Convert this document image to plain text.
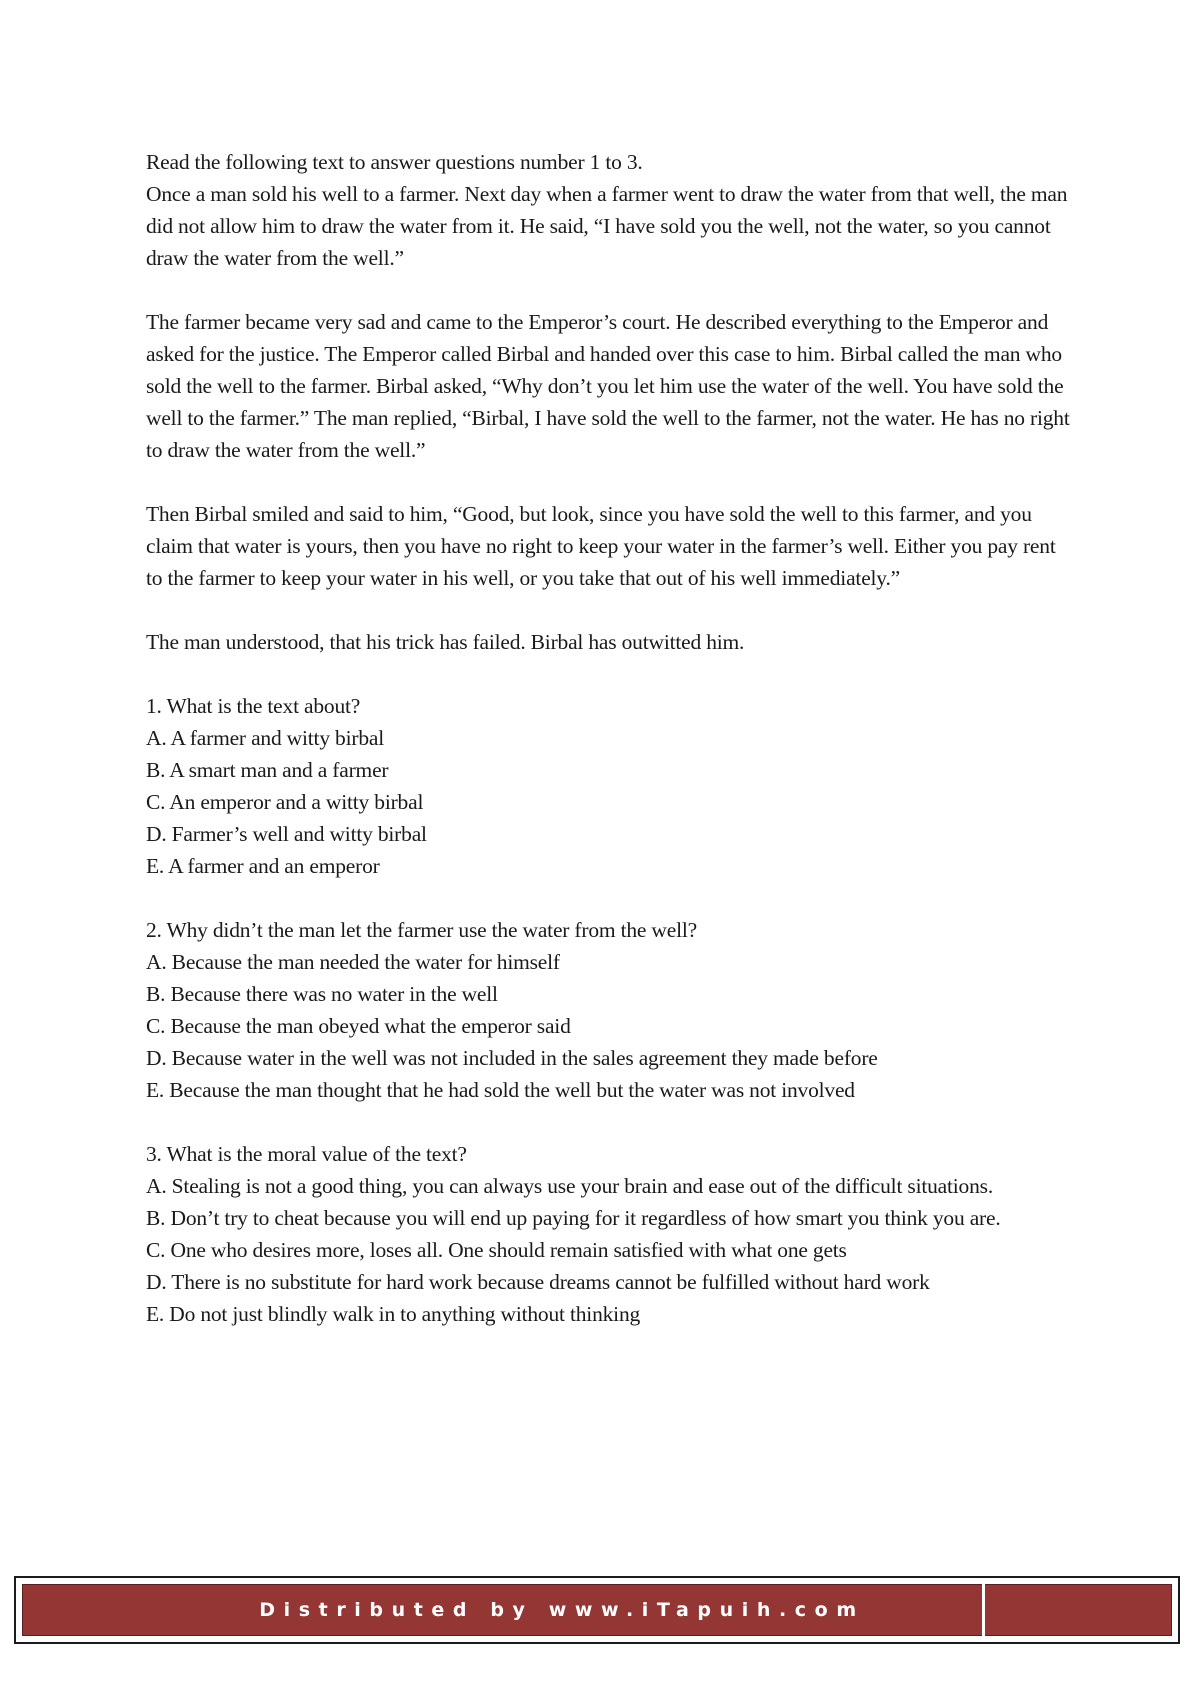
Read the following text to answer questions number 1 to 3.

Once a man sold his well to a farmer. Next day when a farmer went to draw the water from that well, the man did not allow him to draw the water from it. He said, “I have sold you the well, not the water, so you cannot draw the water from the well.”

The farmer became very sad and came to the Emperor’s court. He described everything to the Emperor and asked for the justice. The Emperor called Birbal and handed over this case to him. Birbal called the man who sold the well to the farmer. Birbal asked, “Why don’t you let him use the water of the well. You have sold the well to the farmer.” The man replied, “Birbal, I have sold the well to the farmer, not the water. He has no right to draw the water from the well.”

Then Birbal smiled and said to him, “Good, but look, since you have sold the well to this farmer, and you claim that water is yours, then you have no right to keep your water in the farmer’s well. Either you pay rent to the farmer to keep your water in his well, or you take that out of his well immediately.”

The man understood, that his trick has failed. Birbal has outwitted him.

1. What is the text about?

A. A farmer and witty birbal

B. A smart man and a farmer

C. An emperor and a witty birbal

D. Farmer’s well and witty birbal

E. A farmer and an emperor

2. Why didn’t the man let the farmer use the water from the well?

A. Because the man needed the water for himself

B. Because there was no water in the well

C. Because the man obeyed what the emperor said

D. Because water in the well was not included in the sales agreement they made before

E. Because the man thought that he had sold the well but the water was not involved

3. What is the moral value of the text?

A. Stealing is not a good thing, you can always use your brain and ease out of the difficult situations.

B. Don’t try to cheat because you will end up paying for it regardless of how smart you think you are.

C. One who desires more, loses all. One should remain satisfied with what one gets

D. There is no substitute for hard work because dreams cannot be fulfilled without hard work

E. Do not just blindly walk in to anything without thinking

Distributed by www.iTapuih.com
